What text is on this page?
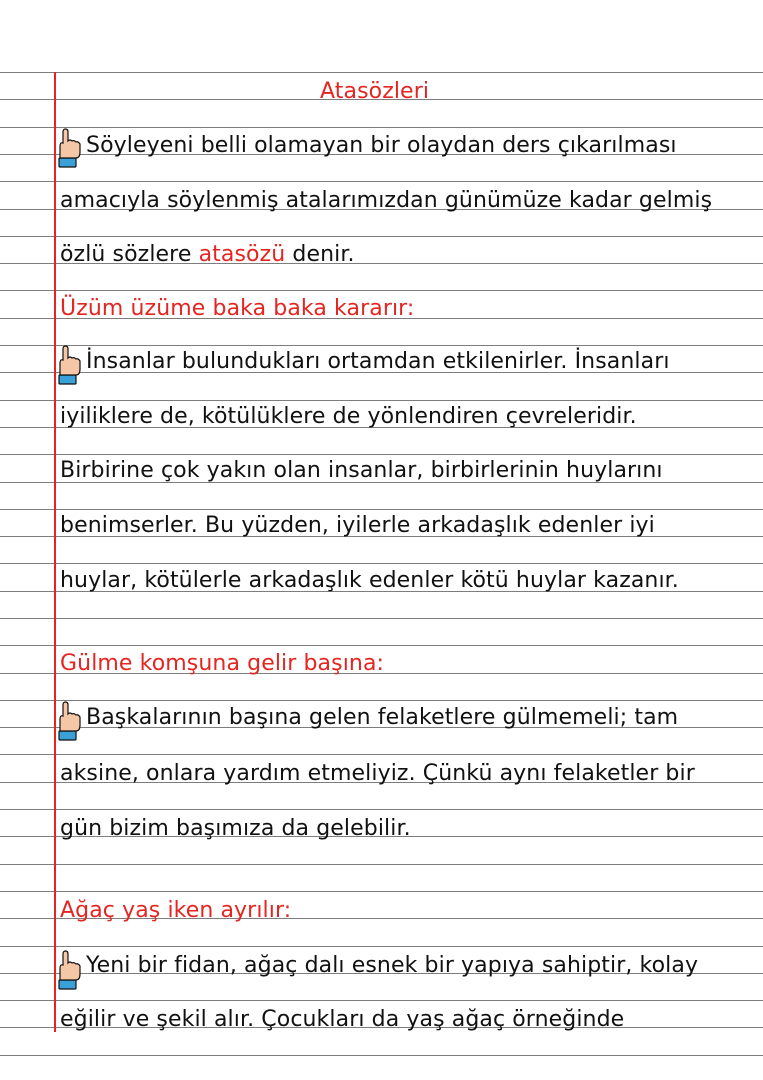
Atasözleri
Söyleyeni belli olamayan bir olaydan ders çıkarılması
amacıyla söylenmiş atalarımızdan günümüze kadar gelmiş
özlü sözlere atasözü denir.
Üzüm üzüme baka baka kararır:
İnsanlar bulundukları ortamdan etkilenirler. İnsanları
iyiliklere de, kötülüklere de yönlendiren çevreleridir.
Birbirine çok yakın olan insanlar, birbirlerinin huylarını
benimserler. Bu yüzden, iyilerle arkadaşlık edenler iyi
huylar, kötülerle arkadaşlık edenler kötü huylar kazanır.
Gülme komşuna gelir başına:
Başkalarının başına gelen felaketlere gülmemeli; tam
aksine, onlara yardım etmeliyiz. Çünkü aynı felaketler bir
gün bizim başımıza da gelebilir.
Ağaç yaş iken ayrılır:
Yeni bir fidan, ağaç dalı esnek bir yapıya sahiptir, kolay
eğilir ve şekil alır. Çocukları da yaş ağaç örneğinde
